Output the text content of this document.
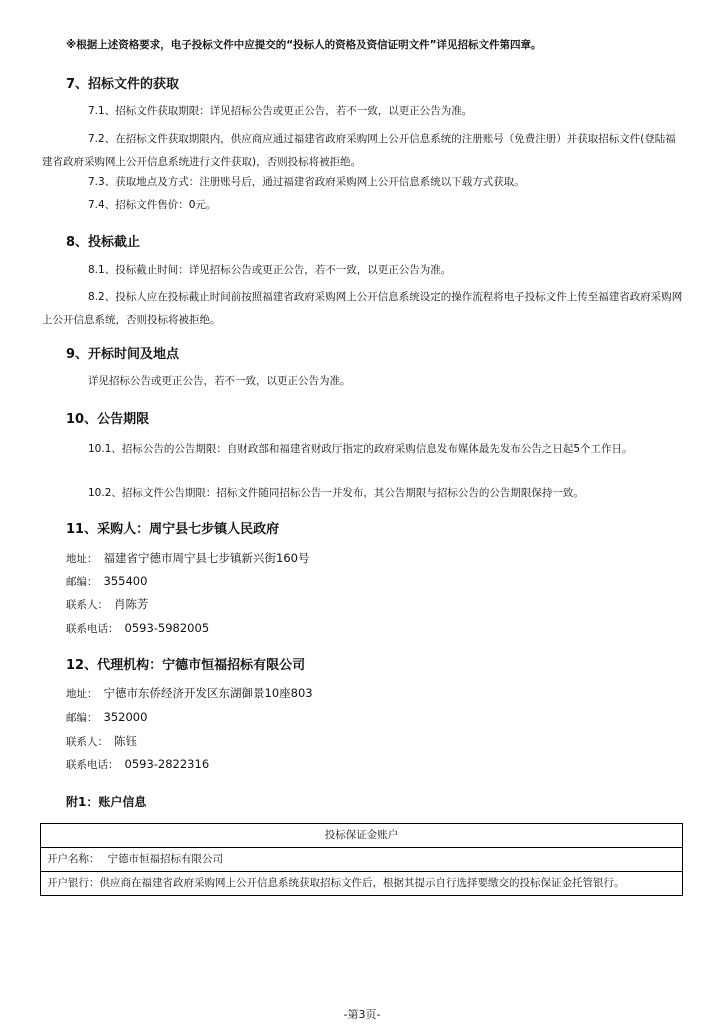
※根据上述资格要求，电子投标文件中应提交的“投标人的资格及资信证明文件”详见招标文件第四章。
7、招标文件的获取
7.1、招标文件获取期限：详见招标公告或更正公告，若不一致，以更正公告为准。
7.2、在招标文件获取期限内，供应商应通过福建省政府采购网上公开信息系统的注册账号（免费注册）并获取招标文件(登陆福建省政府采购网上公开信息系统进行文件获取)，否则投标将被拒绝。
7.3、获取地点及方式：注册账号后，通过福建省政府采购网上公开信息系统以下载方式获取。
7.4、招标文件售价：0元。
8、投标截止
8.1、投标截止时间：详见招标公告或更正公告，若不一致，以更正公告为准。
8.2、投标人应在投标截止时间前按照福建省政府采购网上公开信息系统设定的操作流程将电子投标文件上传至福建省政府采购网上公开信息系统，否则投标将被拒绝。
9、开标时间及地点
详见招标公告或更正公告，若不一致，以更正公告为准。
10、公告期限
10.1、招标公告的公告期限：自财政部和福建省财政厅指定的政府采购信息发布媒体最先发布公告之日起5个工作日。
10.2、招标文件公告期限：招标文件随同招标公告一并发布，其公告期限与招标公告的公告期限保持一致。
11、采购人：周宁县七步镇人民政府
地址： 福建省宁德市周宁县七步镇新兴街160号
邮编： 355400
联系人： 肖陈芳
联系电话： 0593-5982005
12、代理机构：宁德市恒福招标有限公司
地址： 宁德市东侨经济开发区东湖御景10座803
邮编： 352000
联系人： 陈钰
联系电话： 0593-2822316
附1：账户信息
投标保证金账户
开户名称： 宁德市恒福招标有限公司
开户银行：供应商在福建省政府采购网上公开信息系统获取招标文件后，根据其提示自行选择要缴交的投标保证金托管银行。
-第3页-
